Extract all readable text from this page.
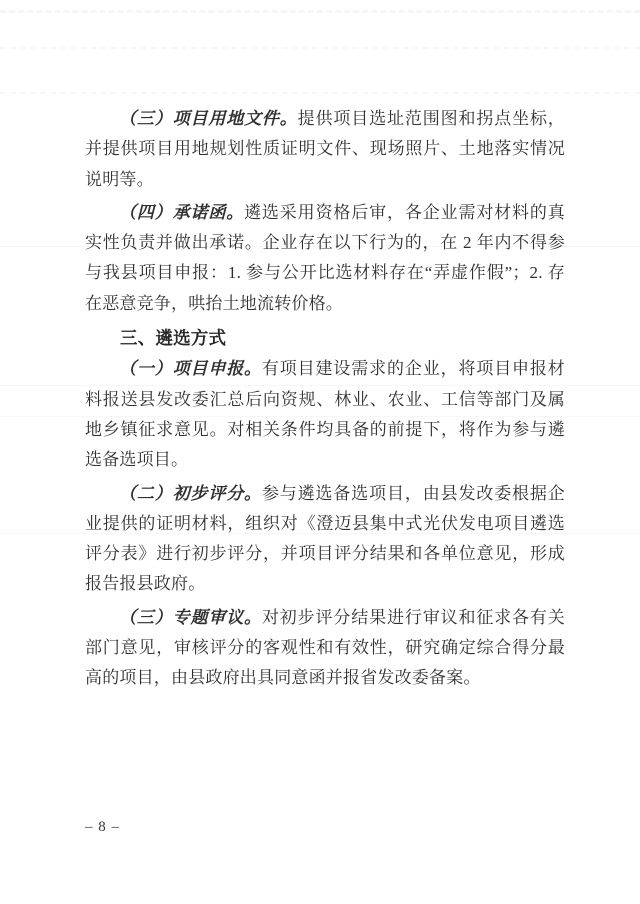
（三）项目用地文件。提供项目选址范围图和拐点坐标，并提供项目用地规划性质证明文件、现场照片、土地落实情况说明等。

（四）承诺函。遴选采用资格后审，各企业需对材料的真实性负责并做出承诺。企业存在以下行为的，在 2 年内不得参与我县项目申报：1. 参与公开比选材料存在“弄虚作假”；2. 存在恶意竞争，哄抬土地流转价格。

三、遴选方式

（一）项目申报。有项目建设需求的企业，将项目申报材料报送县发改委汇总后向资规、林业、农业、工信等部门及属地乡镇征求意见。对相关条件均具备的前提下，将作为参与遴选备选项目。

（二）初步评分。参与遴选备选项目，由县发改委根据企业提供的证明材料，组织对《澄迈县集中式光伏发电项目遴选评分表》进行初步评分，并项目评分结果和各单位意见，形成报告报县政府。

（三）专题审议。对初步评分结果进行审议和征求各有关部门意见，审核评分的客观性和有效性，研究确定综合得分最高的项目，由县政府出具同意函并报省发改委备案。

– 8 –
